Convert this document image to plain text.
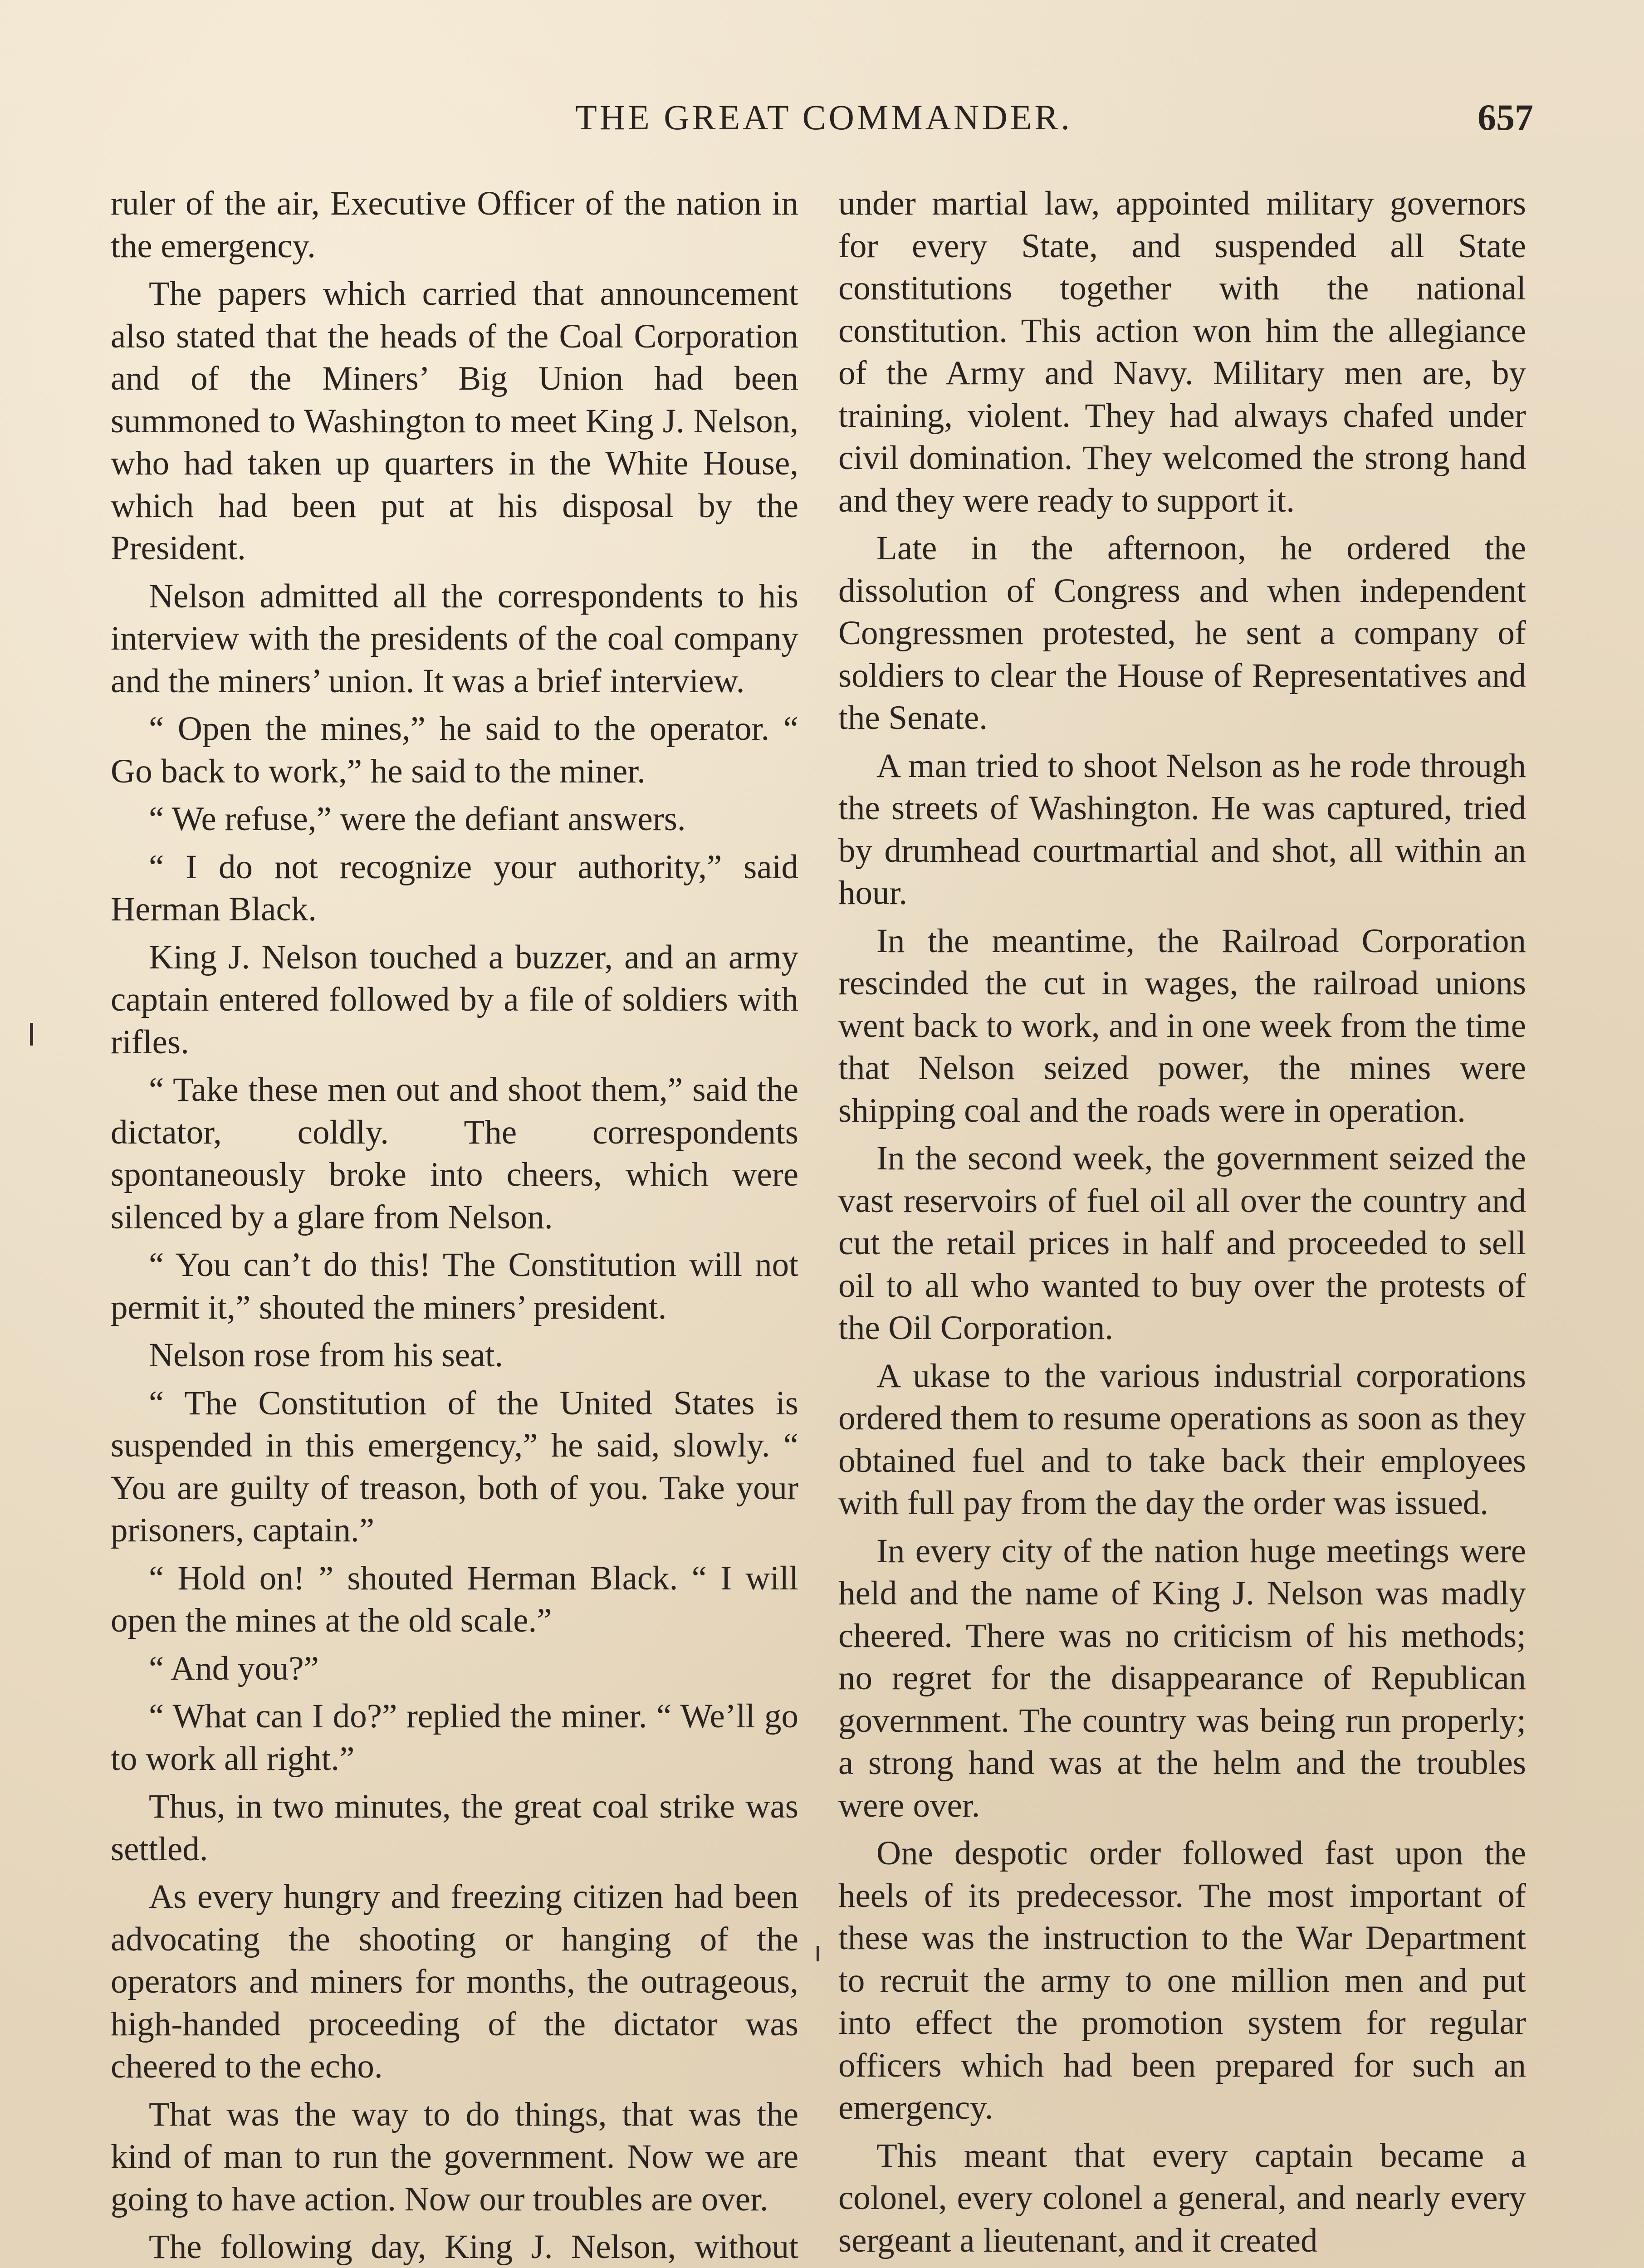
THE GREAT COMMANDER.	657

ruler of the air, Executive Officer of the nation in the emergency.

The papers which carried that announcement also stated that the heads of the Coal Corporation and of the Miners’ Big Union had been summoned to Washington to meet King J. Nelson, who had taken up quarters in the White House, which had been put at his disposal by the President.

Nelson admitted all the correspondents to his interview with the presidents of the coal company and the miners’ union. It was a brief interview.

“ Open the mines,” he said to the operator. “ Go back to work,” he said to the miner.

“ We refuse,” were the defiant answers.

“ I do not recognize your authority,” said Herman Black.

King J. Nelson touched a buzzer, and an army captain entered followed by a file of soldiers with rifles.

“ Take these men out and shoot them,” said the dictator, coldly. The correspondents spontaneously broke into cheers, which were silenced by a glare from Nelson.

“ You can’t do this! The Constitution will not permit it,” shouted the miners’ president.

Nelson rose from his seat.

“ The Constitution of the United States is suspended in this emergency,” he said, slowly. “ You are guilty of treason, both of you. Take your prisoners, captain.”

“ Hold on! ” shouted Herman Black. “ I will open the mines at the old scale.”

“ And you?”

“ What can I do?” replied the miner. “ We’ll go to work all right.”

Thus, in two minutes, the great coal strike was settled.

As every hungry and freezing citizen had been advocating the shooting or hanging of the operators and miners for months, the outrageous, high-handed proceeding of the dictator was cheered to the echo.

That was the way to do things, that was the kind of man to run the government. Now we are going to have action. Now our troubles are over.

The following day, King J. Nelson, without

under martial law, appointed military governors for every State, and suspended all State constitutions together with the national constitution. This action won him the allegiance of the Army and Navy. Military men are, by training, violent. They had always chafed under civil domination. They welcomed the strong hand and they were ready to support it.

Late in the afternoon, he ordered the dissolution of Congress and when independent Congressmen protested, he sent a company of soldiers to clear the House of Representatives and the Senate.

A man tried to shoot Nelson as he rode through the streets of Washington. He was captured, tried by drumhead courtmartial and shot, all within an hour.

In the meantime, the Railroad Corporation rescinded the cut in wages, the railroad unions went back to work, and in one week from the time that Nelson seized power, the mines were shipping coal and the roads were in operation.

In the second week, the government seized the vast reservoirs of fuel oil all over the country and cut the retail prices in half and proceeded to sell oil to all who wanted to buy over the protests of the Oil Corporation.

A ukase to the various industrial corporations ordered them to resume operations as soon as they obtained fuel and to take back their employees with full pay from the day the order was issued.

In every city of the nation huge meetings were held and the name of King J. Nelson was madly cheered. There was no criticism of his methods; no regret for the disappearance of Republican government. The country was being run properly; a strong hand was at the helm and the troubles were over.

One despotic order followed fast upon the heels of its predecessor. The most important of these was the instruction to the War Department to recruit the army to one million men and put into effect the promotion system for regular officers which had been prepared for such an emergency.

This meant that every captain became a colonel, every colonel a general, and nearly every sergeant a lieutenant, and it created
